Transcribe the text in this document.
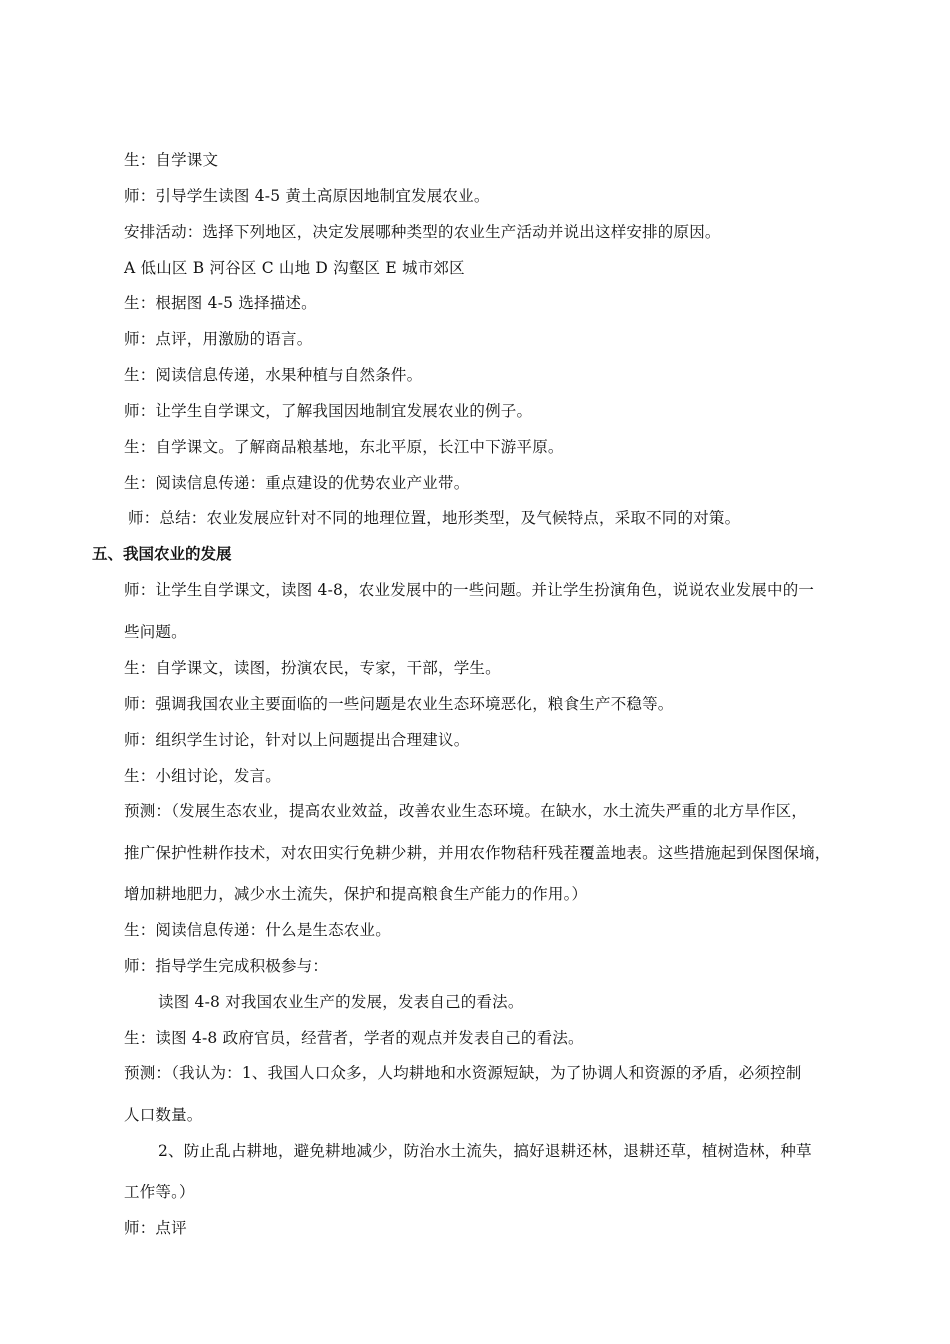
生：自学课文
师：引导学生读图 4-5 黄土高原因地制宜发展农业。
安排活动：选择下列地区，决定发展哪种类型的农业生产活动并说出这样安排的原因。
A 低山区 B 河谷区 C 山地 D 沟壑区 E 城市郊区
生：根据图 4-5 选择描述。
师：点评，用激励的语言。
生：阅读信息传递，水果种植与自然条件。
师：让学生自学课文，了解我国因地制宜发展农业的例子。
生：自学课文。了解商品粮基地，东北平原，长江中下游平原。
生：阅读信息传递：重点建设的优势农业产业带。
师：总结：农业发展应针对不同的地理位置，地形类型，及气候特点，采取不同的对策。
五、我国农业的发展
师：让学生自学课文，读图 4-8，农业发展中的一些问题。并让学生扮演角色，说说农业发展中的一
些问题。
生：自学课文，读图，扮演农民，专家，干部，学生。
师：强调我国农业主要面临的一些问题是农业生态环境恶化，粮食生产不稳等。
师：组织学生讨论，针对以上问题提出合理建议。
生：小组讨论，发言。
预测：（发展生态农业，提高农业效益，改善农业生态环境。在缺水，水土流失严重的北方旱作区，
推广保护性耕作技术，对农田实行免耕少耕，并用农作物秸秆残茬覆盖地表。这些措施起到保图保墒，
增加耕地肥力，减少水土流失，保护和提高粮食生产能力的作用。）
生：阅读信息传递：什么是生态农业。
师：指导学生完成积极参与：
读图 4-8 对我国农业生产的发展，发表自己的看法。
生：读图 4-8 政府官员，经营者，学者的观点并发表自己的看法。
预测：（我认为：1、我国人口众多，人均耕地和水资源短缺，为了协调人和资源的矛盾，必须控制
人口数量。
2、防止乱占耕地，避免耕地减少，防治水土流失，搞好退耕还林，退耕还草，植树造林，种草
工作等。）
师：点评
